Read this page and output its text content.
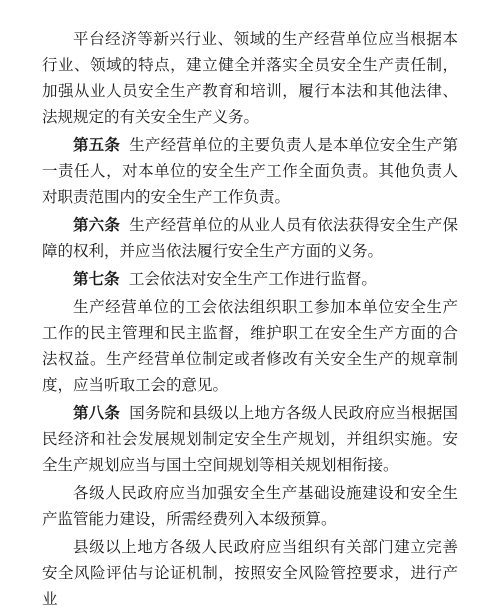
平台经济等新兴行业、领域的生产经营单位应当根据本行业、领域的特点，建立健全并落实全员安全生产责任制，加强从业人员安全生产教育和培训，履行本法和其他法律、法规规定的有关安全生产义务。

第五条 生产经营单位的主要负责人是本单位安全生产第一责任人，对本单位的安全生产工作全面负责。其他负责人对职责范围内的安全生产工作负责。

第六条 生产经营单位的从业人员有依法获得安全生产保障的权利，并应当依法履行安全生产方面的义务。

第七条 工会依法对安全生产工作进行监督。

生产经营单位的工会依法组织职工参加本单位安全生产工作的民主管理和民主监督，维护职工在安全生产方面的合法权益。生产经营单位制定或者修改有关安全生产的规章制度，应当听取工会的意见。

第八条 国务院和县级以上地方各级人民政府应当根据国民经济和社会发展规划制定安全生产规划，并组织实施。安全生产规划应当与国土空间规划等相关规划相衔接。

各级人民政府应当加强安全生产基础设施建设和安全生产监管能力建设，所需经费列入本级预算。

县级以上地方各级人民政府应当组织有关部门建立完善安全风险评估与论证机制，按照安全风险管控要求，进行产业
